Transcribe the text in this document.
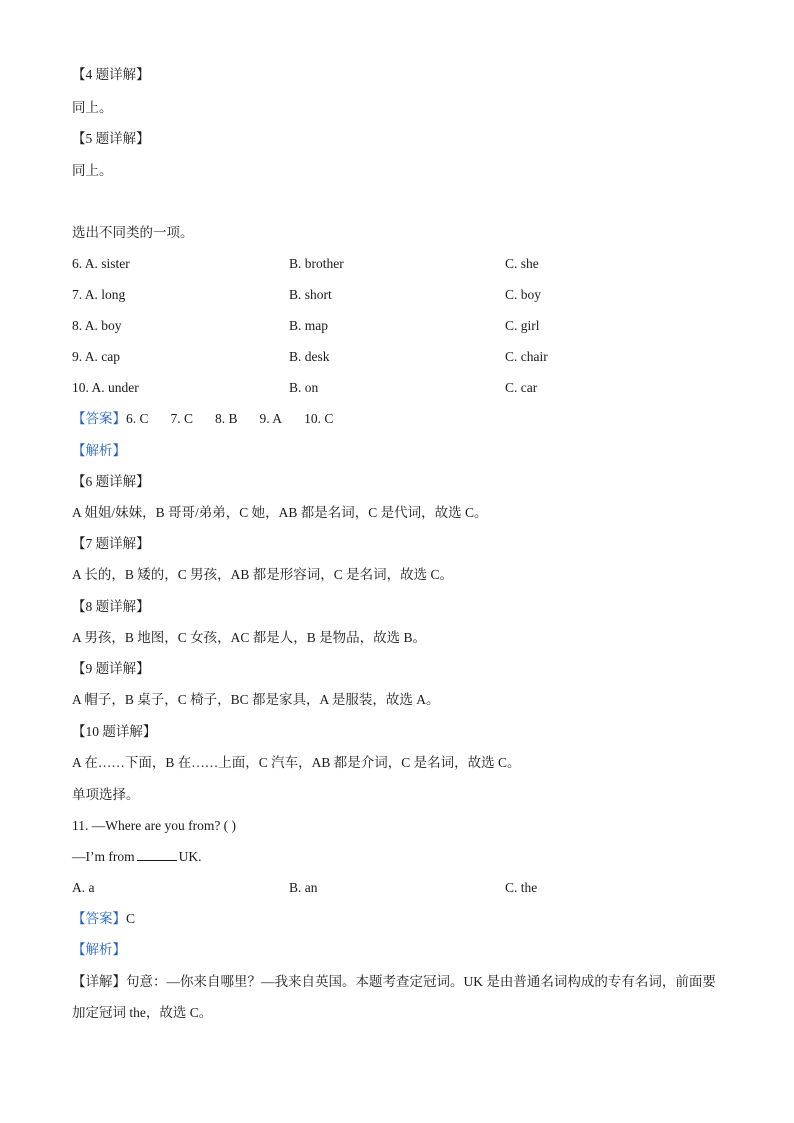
【4 题详解】
同上。
【5 题详解】
同上。
选出不同类的一项。
6. A. sister	B. brother	C. she
7. A. long	B. short	C. boy
8. A. boy	B. map	C. girl
9. A. cap	B. desk	C. chair
10. A. under	B. on	C. car
【答案】6. C 7. C 8. B 9. A 10. C
【解析】
【6 题详解】
A 姐姐/妹妹，B 哥哥/弟弟，C 她，AB 都是名词，C 是代词，故选 C。
【7 题详解】
A 长的，B 矮的，C 男孩，AB 都是形容词，C 是名词，故选 C。
【8 题详解】
A 男孩，B 地图，C 女孩，AC 都是人，B 是物品，故选 B。
【9 题详解】
A 帽子，B 桌子，C 椅子，BC 都是家具，A 是服装，故选 A。
【10 题详解】
A 在……下面，B 在……上面，C 汽车，AB 都是介词，C 是名词，故选 C。
单项选择。
11. —Where are you from? ( )
—I’m from	UK.
A. a	B. an	C. the
【答案】C
【解析】
【详解】句意：—你来自哪里？—我来自英国。本题考查定冠词。UK 是由普通名词构成的专有名词，前面要加定冠词 the，故选 C。
